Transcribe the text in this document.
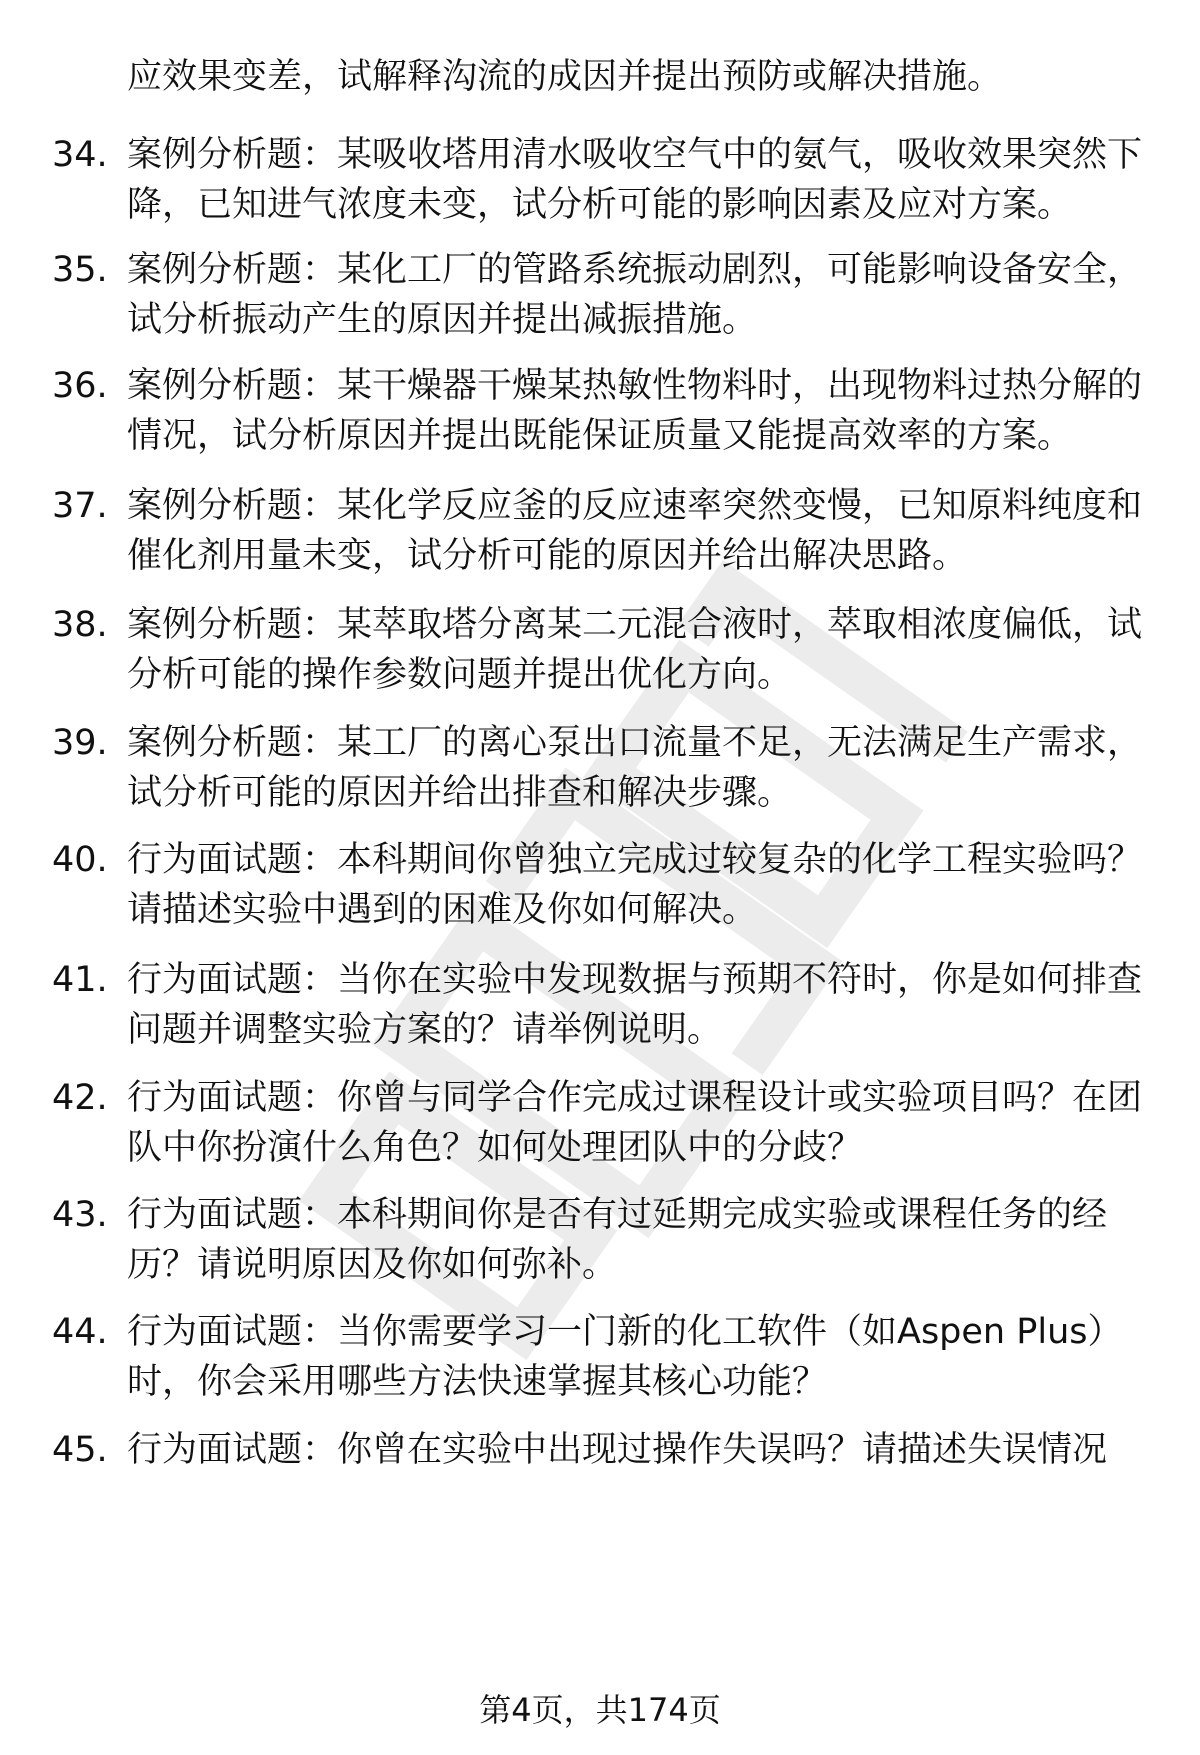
应效果变差，试解释沟流的成因并提出预防或解决措施。
34. 案例分析题：某吸收塔用清水吸收空气中的氨气，吸收效果突然下降，已知进气浓度未变，试分析可能的影响因素及应对方案。
35. 案例分析题：某化工厂的管路系统振动剧烈，可能影响设备安全，试分析振动产生的原因并提出减振措施。
36. 案例分析题：某干燥器干燥某热敏性物料时，出现物料过热分解的情况，试分析原因并提出既能保证质量又能提高效率的方案。
37. 案例分析题：某化学反应釜的反应速率突然变慢，已知原料纯度和催化剂用量未变，试分析可能的原因并给出解决思路。
38. 案例分析题：某萃取塔分离某二元混合液时，萃取相浓度偏低，试分析可能的操作参数问题并提出优化方向。
39. 案例分析题：某工厂的离心泵出口流量不足，无法满足生产需求，试分析可能的原因并给出排查和解决步骤。
40. 行为面试题：本科期间你曾独立完成过较复杂的化学工程实验吗？请描述实验中遇到的困难及你如何解决。
41. 行为面试题：当你在实验中发现数据与预期不符时，你是如何排查问题并调整实验方案的？请举例说明。
42. 行为面试题：你曾与同学合作完成过课程设计或实验项目吗？在团队中你扮演什么角色？如何处理团队中的分歧？
43. 行为面试题：本科期间你是否有过延期完成实验或课程任务的经历？请说明原因及你如何弥补。
44. 行为面试题：当你需要学习一门新的化工软件（如Aspen Plus）时，你会采用哪些方法快速掌握其核心功能？
45. 行为面试题：你曾在实验中出现过操作失误吗？请描述失误情况
第4页，共174页
